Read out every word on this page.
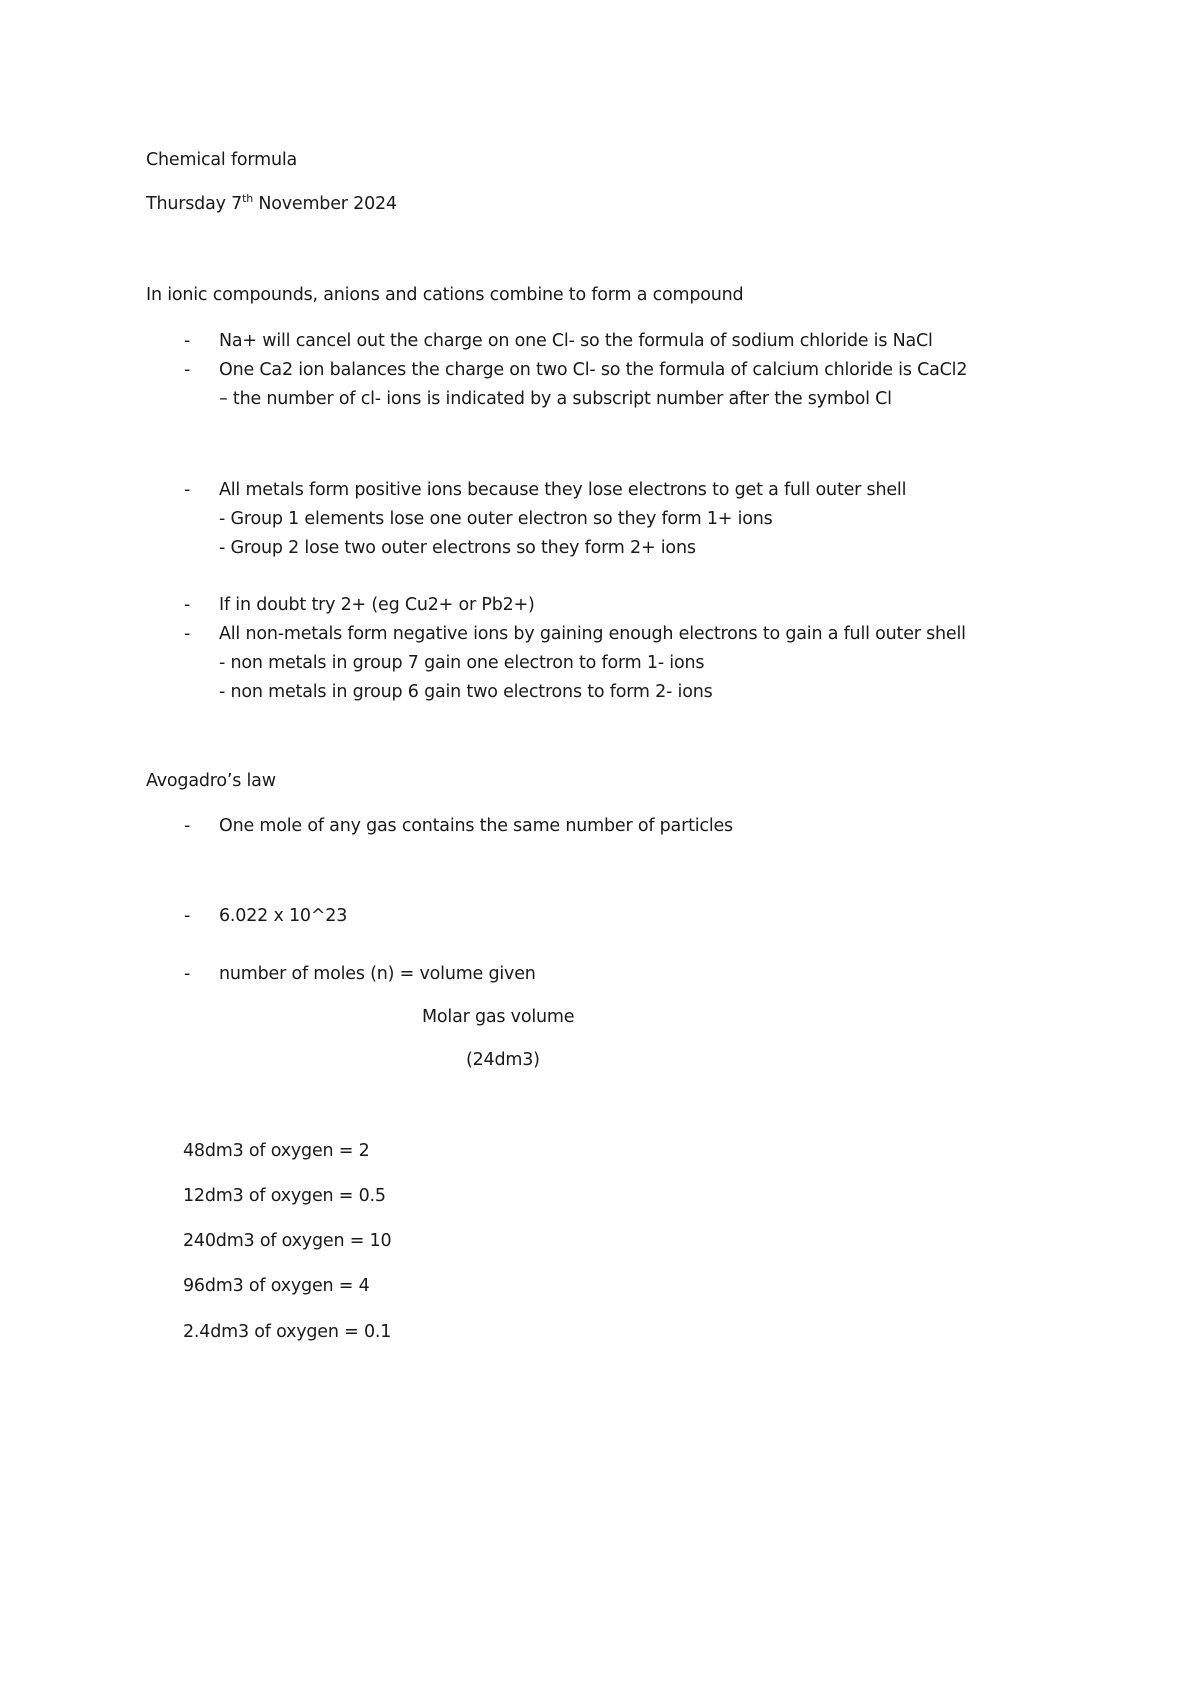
Chemical formula
Thursday 7th November 2024
In ionic compounds, anions and cations combine to form a compound
- Na+ will cancel out the charge on one Cl- so the formula of sodium chloride is NaCl
- One Ca2 ion balances the charge on two Cl- so the formula of calcium chloride is CaCl2
– the number of cl- ions is indicated by a subscript number after the symbol Cl
- All metals form positive ions because they lose electrons to get a full outer shell
- Group 1 elements lose one outer electron so they form 1+ ions
- Group 2 lose two outer electrons so they form 2+ ions
- If in doubt try 2+ (eg Cu2+ or Pb2+)
- All non-metals form negative ions by gaining enough electrons to gain a full outer shell
- non metals in group 7 gain one electron to form 1- ions
- non metals in group 6 gain two electrons to form 2- ions
Avogadro’s law
- One mole of any gas contains the same number of particles
- 6.022 x 10^23
- number of moles (n) = volume given
Molar gas volume
(24dm3)
48dm3 of oxygen = 2
12dm3 of oxygen = 0.5
240dm3 of oxygen = 10
96dm3 of oxygen = 4
2.4dm3 of oxygen = 0.1
